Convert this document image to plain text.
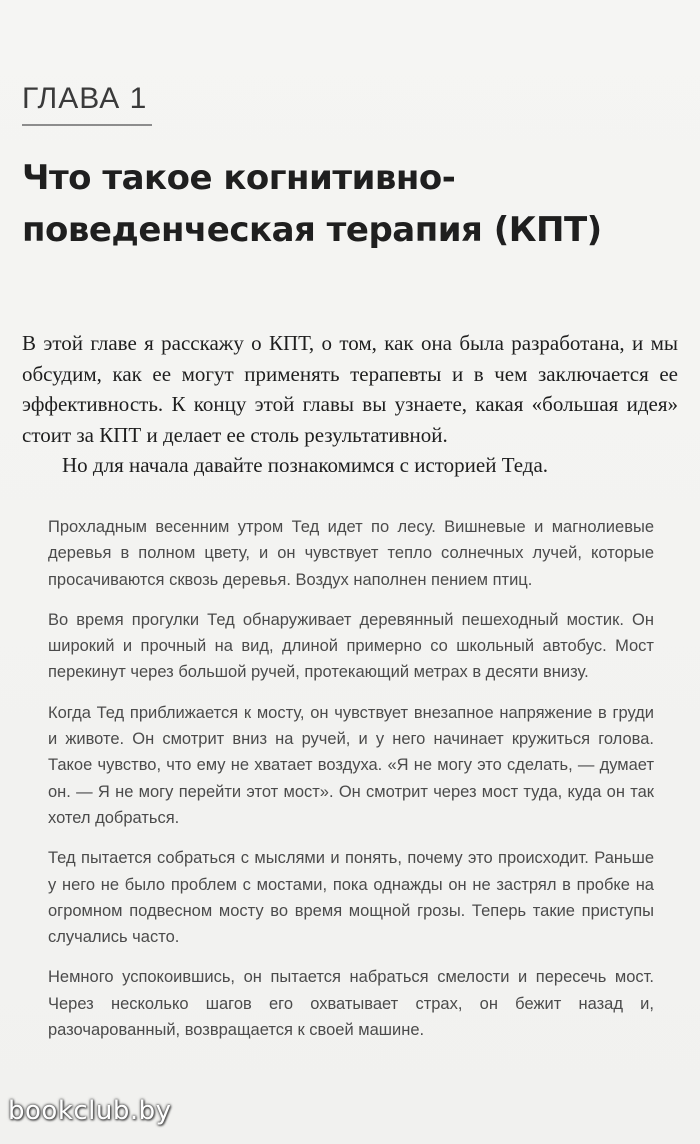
ГЛАВА 1
Что такое когнитивно-поведенческая терапия (КПТ)

В этой главе я расскажу о КПТ, о том, как она была разработана, и мы обсудим, как ее могут применять терапевты и в чем заключается ее эффективность. К концу этой главы вы узнаете, какая «большая идея» стоит за КПТ и делает ее столь результативной.

Но для начала давайте познакомимся с историей Теда.

Прохладным весенним утром Тед идет по лесу. Вишневые и магнолиевые деревья в полном цвету, и он чувствует тепло солнечных лучей, которые просачиваются сквозь деревья. Воздух наполнен пением птиц.

Во время прогулки Тед обнаруживает деревянный пешеходный мостик. Он широкий и прочный на вид, длиной примерно со школьный автобус. Мост перекинут через большой ручей, протекающий метрах в десяти внизу.

Когда Тед приближается к мосту, он чувствует внезапное напряжение в груди и животе. Он смотрит вниз на ручей, и у него начинает кружиться голова. Такое чувство, что ему не хватает воздуха. «Я не могу это сделать, — думает он. — Я не могу перейти этот мост». Он смотрит через мост туда, куда он так хотел добраться.

Тед пытается собраться с мыслями и понять, почему это происходит. Раньше у него не было проблем с мостами, пока однажды он не застрял в пробке на огромном подвесном мосту во время мощной грозы. Теперь такие приступы случались часто.

Немного успокоившись, он пытается набраться смелости и пересечь мост. Через несколько шагов его охватывает страх, он бежит назад и, разочарованный, возвращается к своей машине.

bookclub.by
